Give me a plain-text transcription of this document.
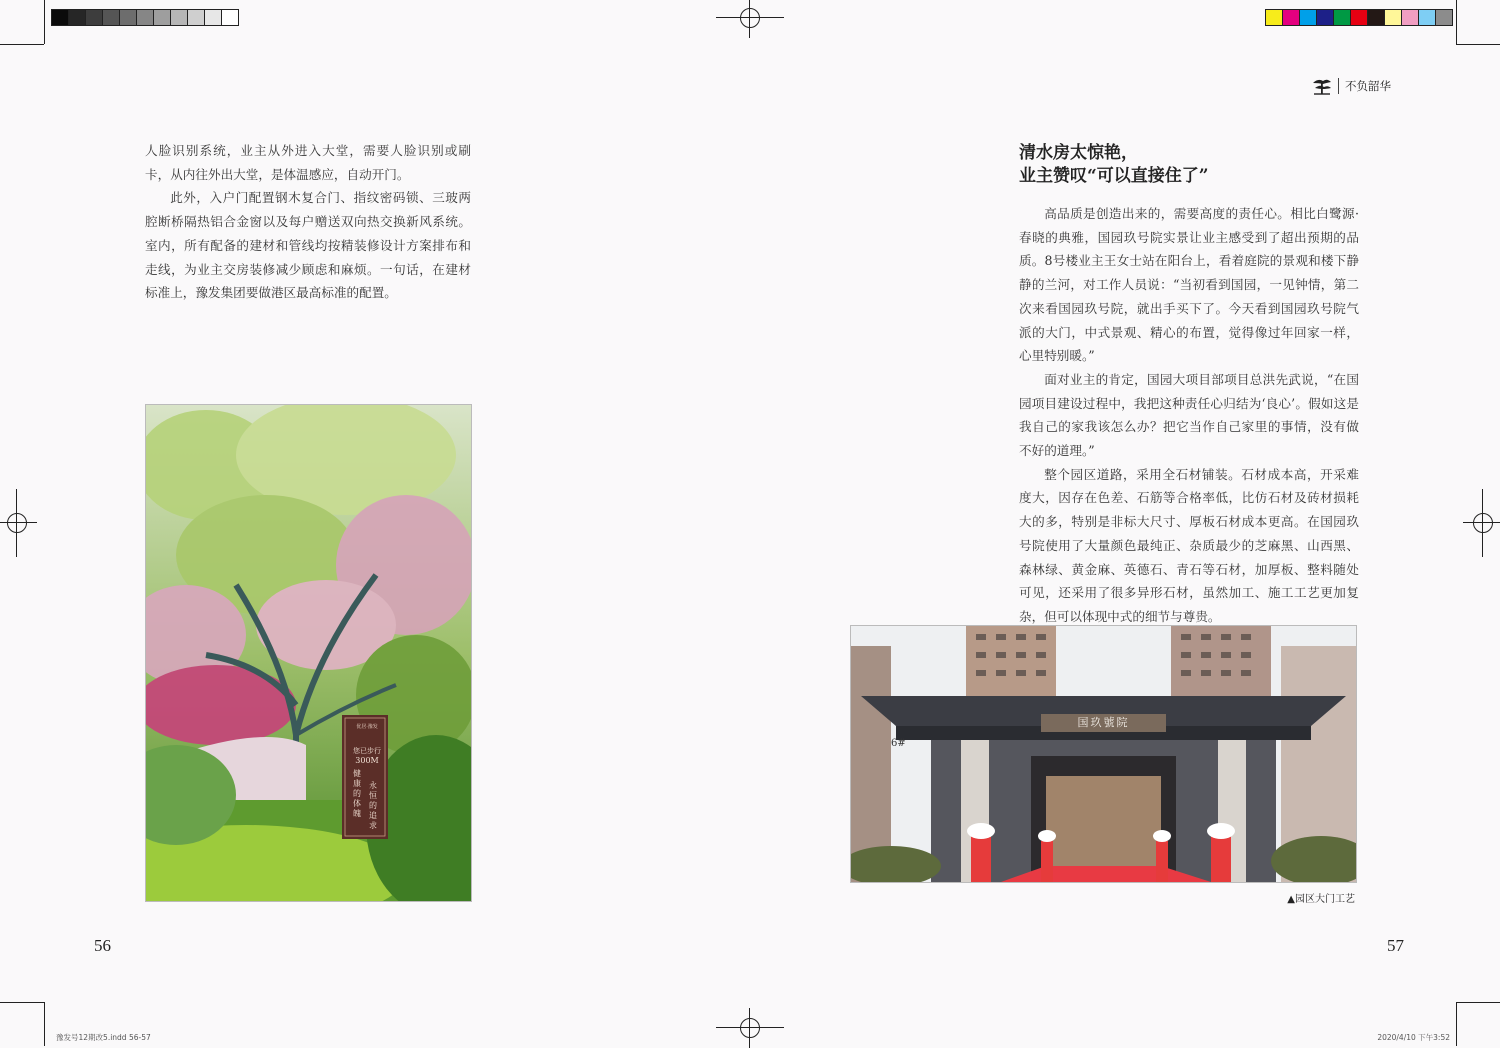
不负韶华

人脸识别系统，业主从外进入大堂，需要人脸识别或刷卡，从内往外出大堂，是体温感应，自动开门。

此外，入户门配置钢木复合门、指纹密码锁、三玻两腔断桥隔热铝合金窗以及每户赠送双向热交换新风系统。室内，所有配备的建材和管线均按精装修设计方案排布和走线，为业主交房装修减少顾虑和麻烦。一句话，在建材标准上，豫发集团要做港区最高标准的配置。

优居·豫发
您已步行
300M
健康的体魄
永恒的追求
56

清水房太惊艳，

业主赞叹“可以直接住了”

高品质是创造出来的，需要高度的责任心。相比白鹭源·春晓的典雅，国园玖号院实景让业主感受到了超出预期的品质。8号楼业主王女士站在阳台上，看着庭院的景观和楼下静静的兰河，对工作人员说：“当初看到国园，一见钟情，第二次来看国园玖号院，就出手买下了。今天看到国园玖号院气派的大门，中式景观、精心的布置，觉得像过年回家一样，心里特别暖。”

面对业主的肯定，国园大项目部项目总洪先武说，“在国园项目建设过程中，我把这种责任心归结为‘良心’。假如这是我自己的家我该怎么办？把它当作自己家里的事情，没有做不好的道理。”

整个园区道路，采用全石材铺装。石材成本高，开采难度大，因存在色差、石筋等合格率低，比仿石材及砖材损耗大的多，特别是非标大尺寸、厚板石材成本更高。在国园玖号院使用了大量颜色最纯正、杂质最少的芝麻黑、山西黑、森林绿、黄金麻、英德石、青石等石材，加厚板、整料随处可见，还采用了很多异形石材，虽然加工、施工工艺更加复杂，但可以体现中式的细节与尊贵。

国玖號院
6#
▲园区大门工艺
57
豫发号12期改5.indd 56-57	2020/4/10 下午3:52
